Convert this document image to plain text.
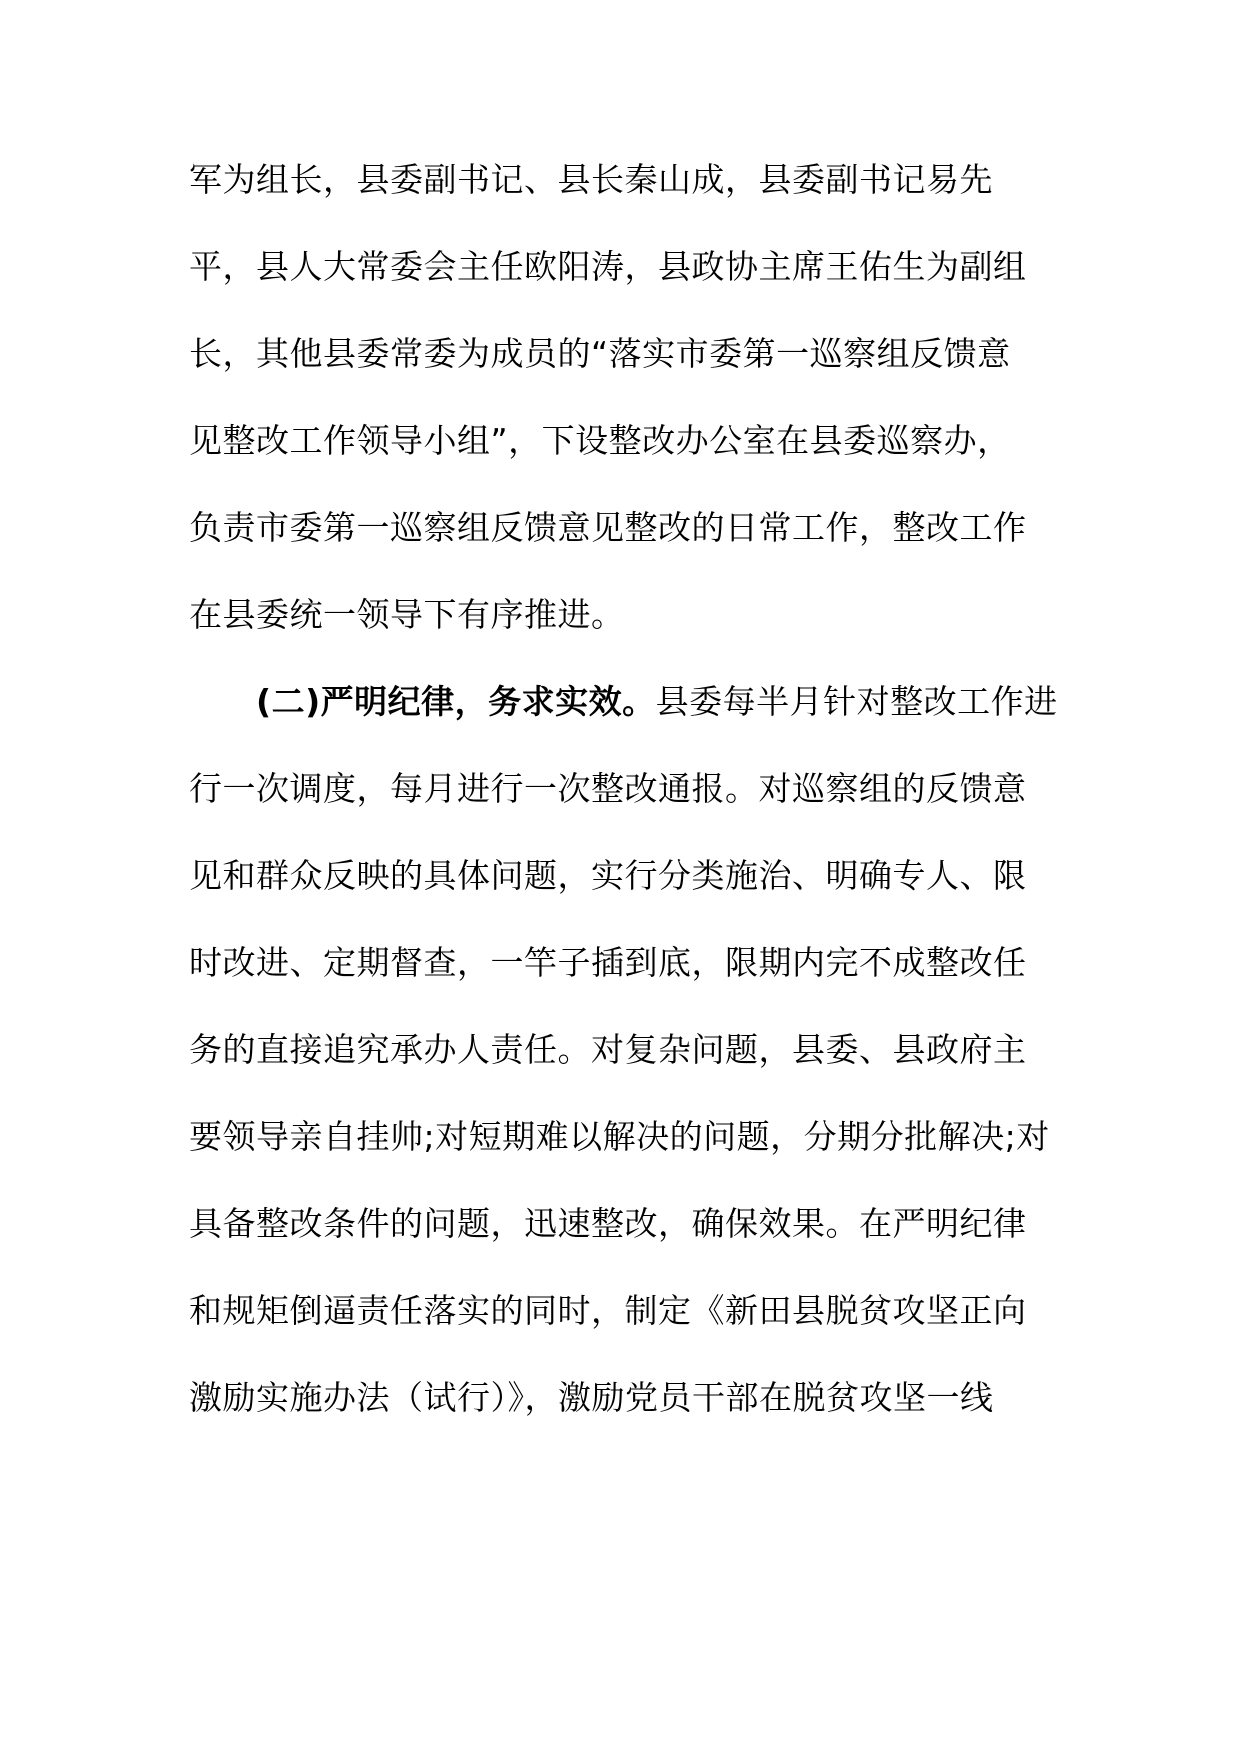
军为组长，县委副书记、县长秦山成，县委副书记易先
平，县人大常委会主任欧阳涛，县政协主席王佑生为副组
长，其他县委常委为成员的“落实市委第一巡察组反馈意
见整改工作领导小组”，下设整改办公室在县委巡察办，
负责市委第一巡察组反馈意见整改的日常工作，整改工作
在县委统一领导下有序推进。
(二)严明纪律，务求实效。县委每半月针对整改工作进
行一次调度，每月进行一次整改通报。对巡察组的反馈意
见和群众反映的具体问题，实行分类施治、明确专人、限
时改进、定期督查，一竿子插到底，限期内完不成整改任
务的直接追究承办人责任。对复杂问题，县委、县政府主
要领导亲自挂帅;对短期难以解决的问题，分期分批解决;对
具备整改条件的问题，迅速整改，确保效果。在严明纪律
和规矩倒逼责任落实的同时，制定《新田县脱贫攻坚正向
激励实施办法（试行）》，激励党员干部在脱贫攻坚一线
